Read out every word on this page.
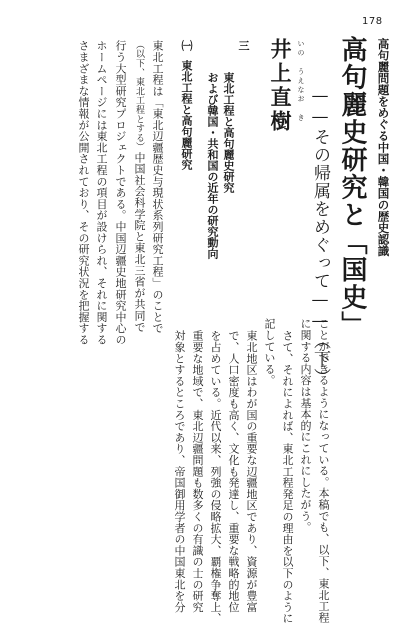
178
高句麗問題をめぐる中国・韓国の歴史認識
高句麗史研究と「国史」
——その帰属をめぐって——（下）
いの うえなお き
井上直樹
三
東北工程と高句麗史研究
および韓国・共和国の近年の研究動向
㈠
東北工程と高句麗研究
東北工程は「東北辺疆歴史与現状系列研究工程」のことで
（以下、東北工程とする）中国社会科学院と東北三省が共同で
行う大型研究プロジェクトである。中国辺疆史地研究中心の
ホームページには東北工程の項目が設けられ、それに関する
さまざまな情報が公開されており、その研究状況を把握する
ことができるようになっている。本稿でも、以下、東北工程
に関する内容は基本的にこれにしたがう。
さて、それによれば、東北工程発足の理由を以下のように
記している。
東北地区はわが国の重要な辺疆地区であり、資源が豊富
で、人口密度も高く、文化も発達し、重要な戦略的地位
を占めている。近代以来、列強の侵略拡大、覇権争奪上、
重要な地域で、東北辺疆問題も数多くの有識の士の研究
対象とするところであり、帝国御用学者の中国東北を分
